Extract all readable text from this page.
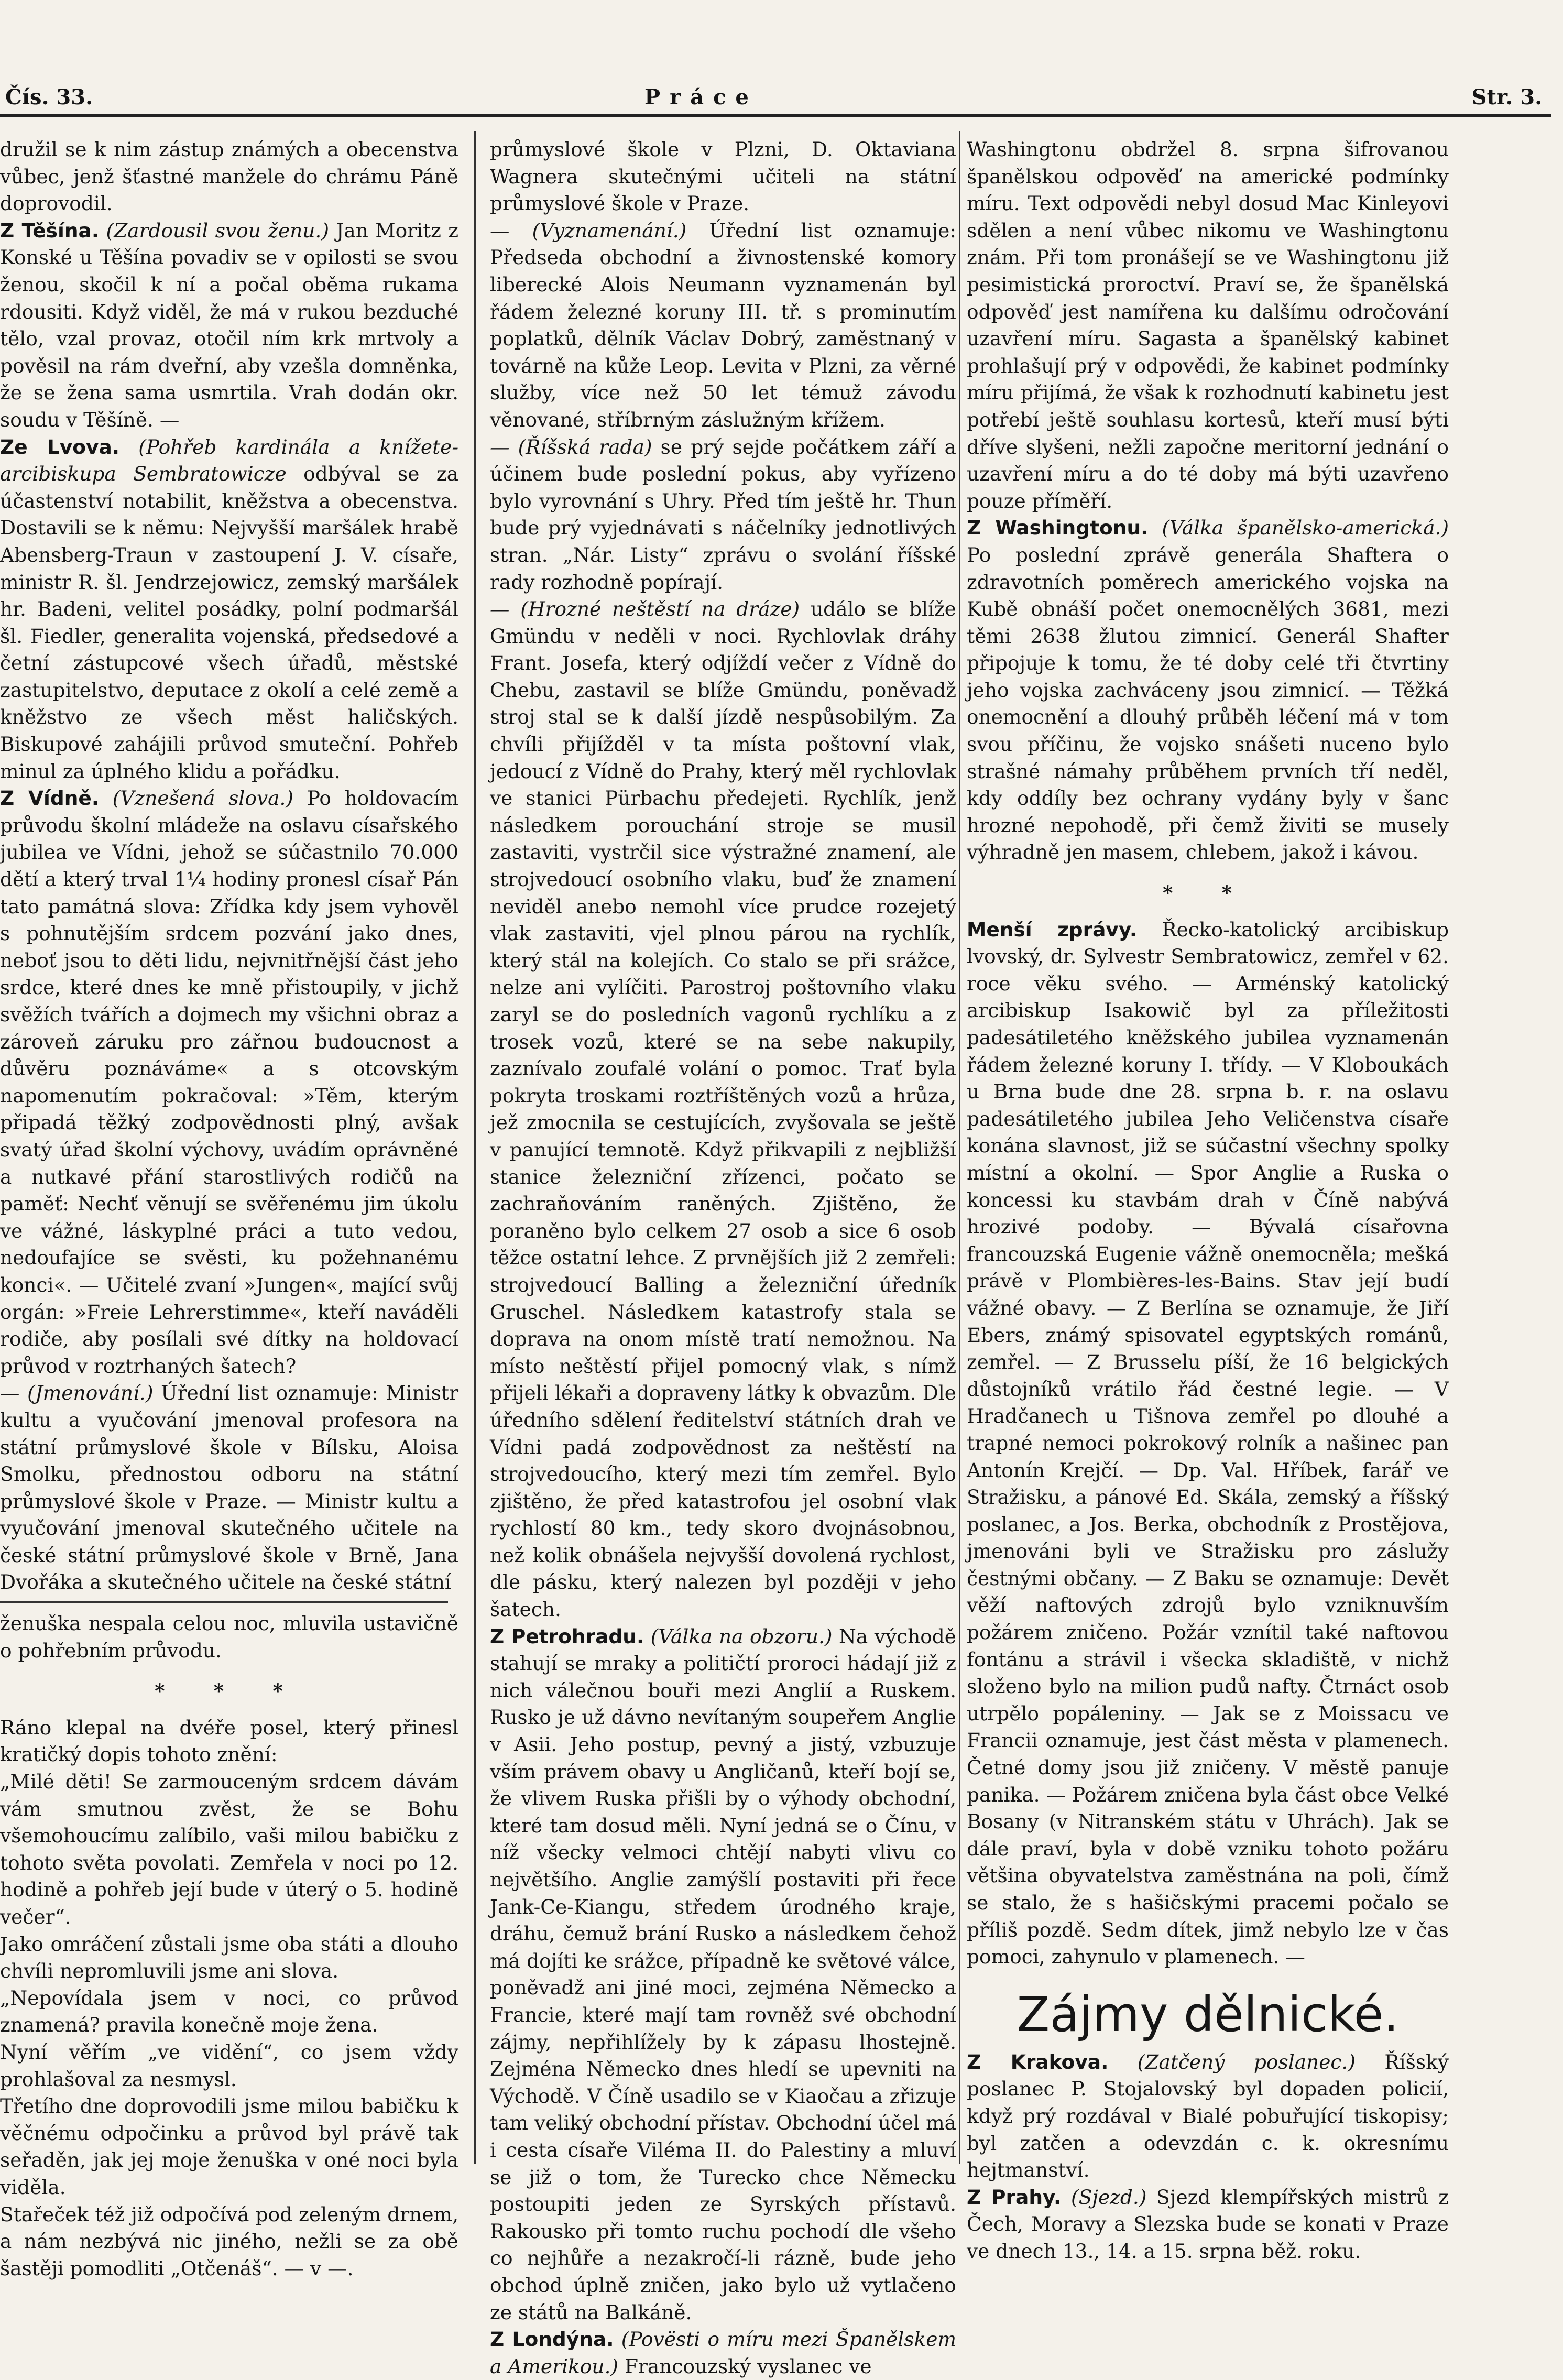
Čís. 33.	Práce	Str. 3.

družil se k nim zástup známých a obecenstva vůbec, jenž šťastné manžele do chrámu Páně doprovodil.

Z Těšína. (Zardousil svou ženu.) Jan Moritz z Konské u Těšína povadiv se v opilosti se svou ženou, skočil k ní a počal oběma rukama rdousiti. Když viděl, že má v rukou bezduché tělo, vzal provaz, otočil ním krk mrtvoly a pověsil na rám dveřní, aby vzešla domněnka, že se žena sama usmrtila. Vrah dodán okr. soudu v Těšíně. —

Ze Lvova. (Pohřeb kardinála a knížete-arcibiskupa Sembratowicze odbýval se za účastenství notabilit, kněžstva a obecenstva. Dostavili se k němu: Nejvyšší maršálek hrabě Abensberg-Traun v zastoupení J. V. císaře, ministr R. šl. Jendrzejowicz, zemský maršálek hr. Badeni, velitel posádky, polní podmaršál šl. Fiedler, generalita vojenská, předsedové a četní zástupcové všech úřadů, městské zastupitelstvo, deputace z okolí a celé země a kněžstvo ze všech měst haličských. Biskupové zahájili průvod smuteční. Pohřeb minul za úplného klidu a pořádku.

Z Vídně. (Vznešená slova.) Po holdovacím průvodu školní mládeže na oslavu císařského jubilea ve Vídni, jehož se súčastnilo 70.000 dětí a který trval 1¼ hodiny pronesl císař Pán tato památná slova: Zřídka kdy jsem vyhověl s pohnutějším srdcem pozvání jako dnes, neboť jsou to děti lidu, nejvnitřnější část jeho srdce, které dnes ke mně přistoupily, v jichž svěžích tvářích a dojmech my všichni obraz a zároveň záruku pro zářnou budoucnost a důvěru poznáváme« a s otcovským napomenutím pokračoval: »Těm, kterým připadá těžký zodpovědnosti plný, avšak svatý úřad školní výchovy, uvádím oprávněné a nutkavé přání starostlivých rodičů na paměť: Nechť věnují se svěřenému jim úkolu ve vážné, láskyplné práci a tuto vedou, nedoufajíce se svěsti, ku požehnanému konci«. — Učitelé zvaní »Jungen«, mající svůj orgán: »Freie Lehrerstimme«, kteří naváděli rodiče, aby posílali své dítky na holdovací průvod v roztrhaných šatech?

— (Jmenování.) Úřední list oznamuje: Ministr kultu a vyučování jmenoval profesora na státní průmyslové škole v Bílsku, Aloisa Smolku, přednostou odboru na státní průmyslové škole v Praze. — Ministr kultu a vyučování jmenoval skutečného učitele na české státní průmyslové škole v Brně, Jana Dvořáka a skutečného učitele na české státní

ženuška nespala celou noc, mluvila ustavičně o pohřebním průvodu.

* * *

Ráno klepal na dvéře posel, který přinesl kratičký dopis tohoto znění:

„Milé děti! Se zarmouceným srdcem dávám vám smutnou zvěst, že se Bohu všemohoucímu zalíbilo, vaši milou babičku z tohoto světa povolati. Zemřela v noci po 12. hodině a pohřeb její bude v úterý o 5. hodině večer“.

Jako omráčení zůstali jsme oba státi a dlouho chvíli nepromluvili jsme ani slova.

„Nepovídala jsem v noci, co průvod znamená? pravila konečně moje žena.

Nyní věřím „ve vidění“, co jsem vždy prohlašoval za nesmysl.

Třetího dne doprovodili jsme milou babičku k věčnému odpočinku a průvod byl právě tak seřaděn, jak jej moje ženuška v oné noci byla viděla.

Stařeček též již odpočívá pod zeleným drnem, a nám nezbývá nic jiného, nežli se za obě šastěji pomodliti „Otčenáš“. — v —.

průmyslové škole v Plzni, D. Oktaviana Wagnera skutečnými učiteli na státní průmyslové škole v Praze.

— (Vyznamenání.) Úřední list oznamuje: Předseda obchodní a živnostenské komory liberecké Alois Neumann vyznamenán byl řádem železné koruny III. tř. s prominutím poplatků, dělník Václav Dobrý, zaměstnaný v továrně na kůže Leop. Levita v Plzni, za věrné služby, více než 50 let témuž závodu věnované, stříbrným záslužným křížem.

— (Říšská rada) se prý sejde počátkem září a účinem bude poslední pokus, aby vyřízeno bylo vyrovnání s Uhry. Před tím ještě hr. Thun bude prý vyjednávati s náčelníky jednotlivých stran. „Nár. Listy“ zprávu o svolání říšské rady rozhodně popírají.

— (Hrozné neštěstí na dráze) událo se blíže Gmündu v neděli v noci. Rychlovlak dráhy Frant. Josefa, který odjíždí večer z Vídně do Chebu, zastavil se blíže Gmündu, poněvadž stroj stal se k další jízdě nespůsobilým. Za chvíli přijížděl v ta místa poštovní vlak, jedoucí z Vídně do Prahy, který měl rychlovlak ve stanici Pürbachu předejeti. Rychlík, jenž následkem porouchání stroje se musil zastaviti, vystrčil sice výstražné znamení, ale strojvedoucí osobního vlaku, buď že znamení neviděl anebo nemohl více prudce rozejetý vlak zastaviti, vjel plnou párou na rychlík, který stál na kolejích. Co stalo se při srážce, nelze ani vylíčiti. Parostroj poštovního vlaku zaryl se do posledních vagonů rychlíku a z trosek vozů, které se na sebe nakupily, zaznívalo zoufalé volání o pomoc. Trať byla pokryta troskami roztříštěných vozů a hrůza, jež zmocnila se cestujících, zvyšovala se ještě v panující temnotě. Když přikvapili z nejbližší stanice železniční zřízenci, počato se zachraňováním raněných. Zjištěno, že poraněno bylo celkem 27 osob a sice 6 osob těžce ostatní lehce. Z prvnějších již 2 zemřeli: strojvedoucí Balling a železniční úředník Gruschel. Následkem katastrofy stala se doprava na onom místě tratí nemožnou. Na místo neštěstí přijel pomocný vlak, s nímž přijeli lékaři a dopraveny látky k obvazům. Dle úředního sdělení ředitelství státních drah ve Vídni padá zodpovědnost za neštěstí na strojvedoucího, který mezi tím zemřel. Bylo zjištěno, že před katastrofou jel osobní vlak rychlostí 80 km., tedy skoro dvojnásobnou, než kolik obnášela nejvyšší dovolená rychlost, dle pásku, který nalezen byl později v jeho šatech.

Z Petrohradu. (Válka na obzoru.) Na východě stahují se mraky a političtí proroci hádají již z nich válečnou bouři mezi Anglií a Ruskem. Rusko je už dávno nevítaným soupeřem Anglie v Asii. Jeho postup, pevný a jistý, vzbuzuje vším právem obavy u Angličanů, kteří bojí se, že vlivem Ruska přišli by o výhody obchodní, které tam dosud měli. Nyní jedná se o Čínu, v níž všecky velmoci chtějí nabyti vlivu co největšího. Anglie zamýšlí postaviti při řece Jank-Ce-Kiangu, středem úrodného kraje, dráhu, čemuž brání Rusko a následkem čehož má dojíti ke srážce, případně ke světové válce, poněvadž ani jiné moci, zejména Německo a Francie, které mají tam rovněž své obchodní zájmy, nepřihlížely by k zápasu lhostejně. Zejména Německo dnes hledí se upevniti na Východě. V Číně usadilo se v Kiaočau a zřizuje tam veliký obchodní přístav. Obchodní účel má i cesta císaře Viléma II. do Palestiny a mluví se již o tom, že Turecko chce Německu postoupiti jeden ze Syrských přístavů. Rakousko při tomto ruchu pochodí dle všeho co nejhůře a nezakročí-li rázně, bude jeho obchod úplně zničen, jako bylo už vytlačeno ze států na Balkáně.

Z Londýna. (Povësti o míru mezi Španělskem a Amerikou.) Francouzský vyslanec ve

Washingtonu obdržel 8. srpna šifrovanou španělskou odpověď na americké podmínky míru. Text odpovědi nebyl dosud Mac Kinleyovi sdělen a není vůbec nikomu ve Washingtonu znám. Při tom pronášejí se ve Washingtonu již pesimistická proroctví. Praví se, že španělská odpověď jest namířena ku dalšímu odročování uzavření míru. Sagasta a španělský kabinet prohlašují prý v odpovědi, že kabinet podmínky míru přijímá, že však k rozhodnutí kabinetu jest potřebí ještě souhlasu kortesů, kteří musí býti dříve slyšeni, nežli započne meritorní jednání o uzavření míru a do té doby má býti uzavřeno pouze příměří.

Z Washingtonu. (Válka španělsko-americká.) Po poslední zprávě generála Shaftera o zdravotních poměrech amerického vojska na Kubě obnáší počet onemocnělých 3681, mezi těmi 2638 žlutou zimnicí. Generál Shafter připojuje k tomu, že té doby celé tři čtvrtiny jeho vojska zachváceny jsou zimnicí. — Těžká onemocnění a dlouhý průběh léčení má v tom svou příčinu, že vojsko snášeti nuceno bylo strašné námahy průběhem prvních tří neděl, kdy oddíly bez ochrany vydány byly v šanc hrozné nepohodě, při čemž živiti se musely výhradně jen masem, chlebem, jakož i kávou.

* *

Menší zprávy. Řecko-katolický arcibiskup lvovský, dr. Sylvestr Sembratowicz, zemřel v 62. roce věku svého. — Arménský katolický arcibiskup Isakowič byl za příležitosti padesátiletého kněžského jubilea vyznamenán řádem železné koruny I. třídy. — V Kloboukách u Brna bude dne 28. srpna b. r. na oslavu padesátiletého jubilea Jeho Veličenstva císaře konána slavnost, již se súčastní všechny spolky místní a okolní. — Spor Anglie a Ruska o koncessi ku stavbám drah v Číně nabývá hrozivé podoby. — Bývalá císařovna francouzská Eugenie vážně onemocněla; mešká právě v Plombières-les-Bains. Stav její budí vážné obavy. — Z Berlína se oznamuje, že Jiří Ebers, známý spisovatel egyptských románů, zemřel. — Z Brusselu píší, že 16 belgických důstojníků vrátilo řád čestné legie. — V Hradčanech u Tišnova zemřel po dlouhé a trapné nemoci pokrokový rolník a našinec pan Antonín Krejčí. — Dp. Val. Hříbek, farář ve Stražisku, a pánové Ed. Skála, zemský a říšský poslanec, a Jos. Berka, obchodník z Prostějova, jmenováni byli ve Stražisku pro záslužy čestnými občany. — Z Baku se oznamuje: Devět věží naftových zdrojů bylo vzniknuvším požárem zničeno. Požár vznítil také naftovou fontánu a strávil i všecka skladiště, v nichž složeno bylo na milion pudů nafty. Čtrnáct osob utrpělo popáleniny. — Jak se z Moissacu ve Francii oznamuje, jest část města v plamenech. Četné domy jsou již zničeny. V městě panuje panika. — Požárem zničena byla část obce Velké Bosany (v Nitranském státu v Uhrách). Jak se dále praví, byla v době vzniku tohoto požáru většina obyvatelstva zaměstnána na poli, čímž se stalo, že s hašičskými pracemi počalo se příliš pozdě. Sedm dítek, jimž nebylo lze v čas pomoci, zahynulo v plamenech. —

Zájmy dělnické.

Z Krakova. (Zatčený poslanec.) Říšský poslanec P. Stojalovský byl dopaden policií, když prý rozdával v Bialé pobuřující tiskopisy; byl zatčen a odevzdán c. k. okresnímu hejtmanství.

Z Prahy. (Sjezd.) Sjezd klempířských mistrů z Čech, Moravy a Slezska bude se konati v Praze ve dnech 13., 14. a 15. srpna běž. roku.
